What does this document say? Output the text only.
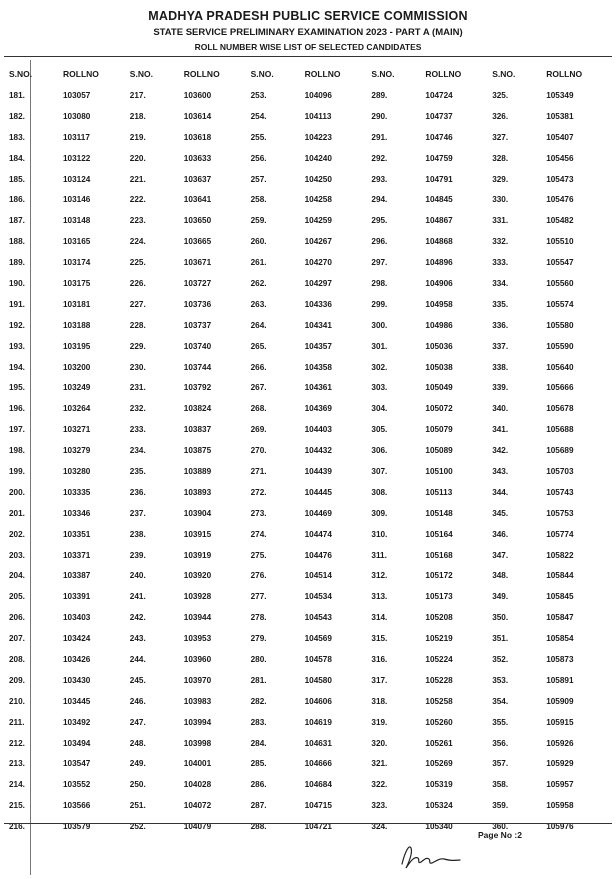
MADHYA PRADESH PUBLIC SERVICE COMMISSION
STATE SERVICE PRELIMINARY EXAMINATION 2023 - PART A (MAIN)
ROLL NUMBER WISE LIST OF SELECTED CANDIDATES
S.NO.	ROLLNO	S.NO.	ROLLNO	S.NO.	ROLLNO	S.NO.	ROLLNO	S.NO.	ROLLNO
181.	103057	217.	103600	253.	104096	289.	104724	325.	105349
182.	103080	218.	103614	254.	104113	290.	104737	326.	105381
183.	103117	219.	103618	255.	104223	291.	104746	327.	105407
184.	103122	220.	103633	256.	104240	292.	104759	328.	105456
185.	103124	221.	103637	257.	104250	293.	104791	329.	105473
186.	103146	222.	103641	258.	104258	294.	104845	330.	105476
187.	103148	223.	103650	259.	104259	295.	104867	331.	105482
188.	103165	224.	103665	260.	104267	296.	104868	332.	105510
189.	103174	225.	103671	261.	104270	297.	104896	333.	105547
190.	103175	226.	103727	262.	104297	298.	104906	334.	105560
191.	103181	227.	103736	263.	104336	299.	104958	335.	105574
192.	103188	228.	103737	264.	104341	300.	104986	336.	105580
193.	103195	229.	103740	265.	104357	301.	105036	337.	105590
194.	103200	230.	103744	266.	104358	302.	105038	338.	105640
195.	103249	231.	103792	267.	104361	303.	105049	339.	105666
196.	103264	232.	103824	268.	104369	304.	105072	340.	105678
197.	103271	233.	103837	269.	104403	305.	105079	341.	105688
198.	103279	234.	103875	270.	104432	306.	105089	342.	105689
199.	103280	235.	103889	271.	104439	307.	105100	343.	105703
200.	103335	236.	103893	272.	104445	308.	105113	344.	105743
201.	103346	237.	103904	273.	104469	309.	105148	345.	105753
202.	103351	238.	103915	274.	104474	310.	105164	346.	105774
203.	103371	239.	103919	275.	104476	311.	105168	347.	105822
204.	103387	240.	103920	276.	104514	312.	105172	348.	105844
205.	103391	241.	103928	277.	104534	313.	105173	349.	105845
206.	103403	242.	103944	278.	104543	314.	105208	350.	105847
207.	103424	243.	103953	279.	104569	315.	105219	351.	105854
208.	103426	244.	103960	280.	104578	316.	105224	352.	105873
209.	103430	245.	103970	281.	104580	317.	105228	353.	105891
210.	103445	246.	103983	282.	104606	318.	105258	354.	105909
211.	103492	247.	103994	283.	104619	319.	105260	355.	105915
212.	103494	248.	103998	284.	104631	320.	105261	356.	105926
213.	103547	249.	104001	285.	104666	321.	105269	357.	105929
214.	103552	250.	104028	286.	104684	322.	105319	358.	105957
215.	103566	251.	104072	287.	104715	323.	105324	359.	105958
216.	103579	252.	104079	288.	104721	324.	105340	360.	105976
Page No :2
